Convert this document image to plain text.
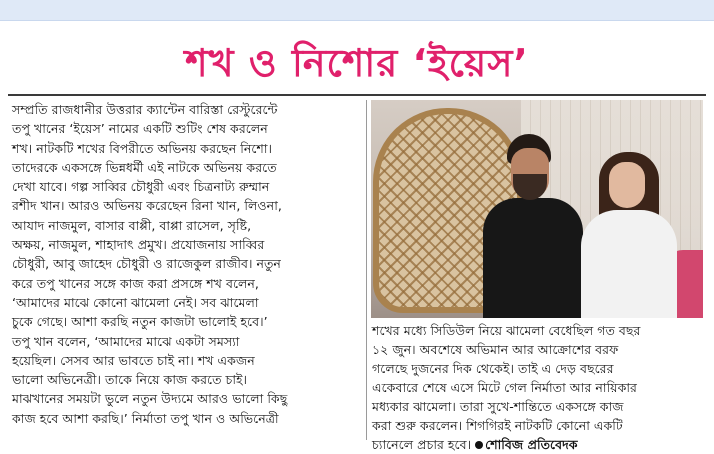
শখ ও নিশোর ‘ইয়েস’

সম্প্রতি রাজধানীর উত্তরার ক্যান্টেন বারিস্তা রেস্টুরেন্টে
তপু খানের ‘ইয়েস’ নামের একটি শুটিং শেষ করলেন
শখ। নাটকটি শখের বিপরীতে অভিনয় করছেন নিশো।
তাদেরকে একসঙ্গে ভিন্নধর্মী এই নাটকে অভিনয় করতে
দেখা যাবে। গল্প সাব্বির চৌধুরী এবং চিত্রনাট্য রুম্মান
রশীদ খান। আরও অভিনয় করেছেন রিনা খান, লিওনা,
আযাদ নাজমুল, বাসার বাপ্পী, বাপ্পা রাসেল, সৃষ্টি,
অক্ষয়, নাজমুল, শাহাদাৎ প্রমুখ। প্রযোজনায় সাব্বির
চৌধুরী, আবু জাহেদ চৌধুরী ও রাজেকুল রাজীব। নতুন
করে তপু খানের সঙ্গে কাজ করা প্রসঙ্গে শখ বলেন,
‘আমাদের মাঝে কোনো ঝামেলা নেই। সব ঝামেলা
চুকে গেছে। আশা করছি নতুন কাজটা ভালোই হবে।’
তপু খান বলেন, ‘আমাদের মাঝে একটা সমস্যা
হয়েছিল। সেসব আর ভাবতে চাই না। শখ একজন
ভালো অভিনেত্রী। তাকে নিয়ে কাজ করতে চাই।
মাঝখানের সময়টা ভুলে নতুন উদ্যমে আরও ভালো কিছু
কাজ হবে আশা করছি।’ নির্মাতা তপু খান ও অভিনেত্রী

শখের মধ্যে সিডিউল নিয়ে ঝামেলা বেধেছিল গত বছর
১২ জুন। অবশেষে অভিমান আর আক্রোশের বরফ
গলেছে দুজনের দিক থেকেই। তাই এ দেড় বছরের
একেবারে শেষে এসে মিটে গেল নির্মাতা আর নায়িকার
মধ্যকার ঝামেলা। তারা সুখে-শান্তিতে একসঙ্গে কাজ
করা শুরু করলেন। শিগগিরই নাটকটি কোনো একটি
চ্যানেলে প্রচার হবে। শোবিজ প্রতিবেদক
